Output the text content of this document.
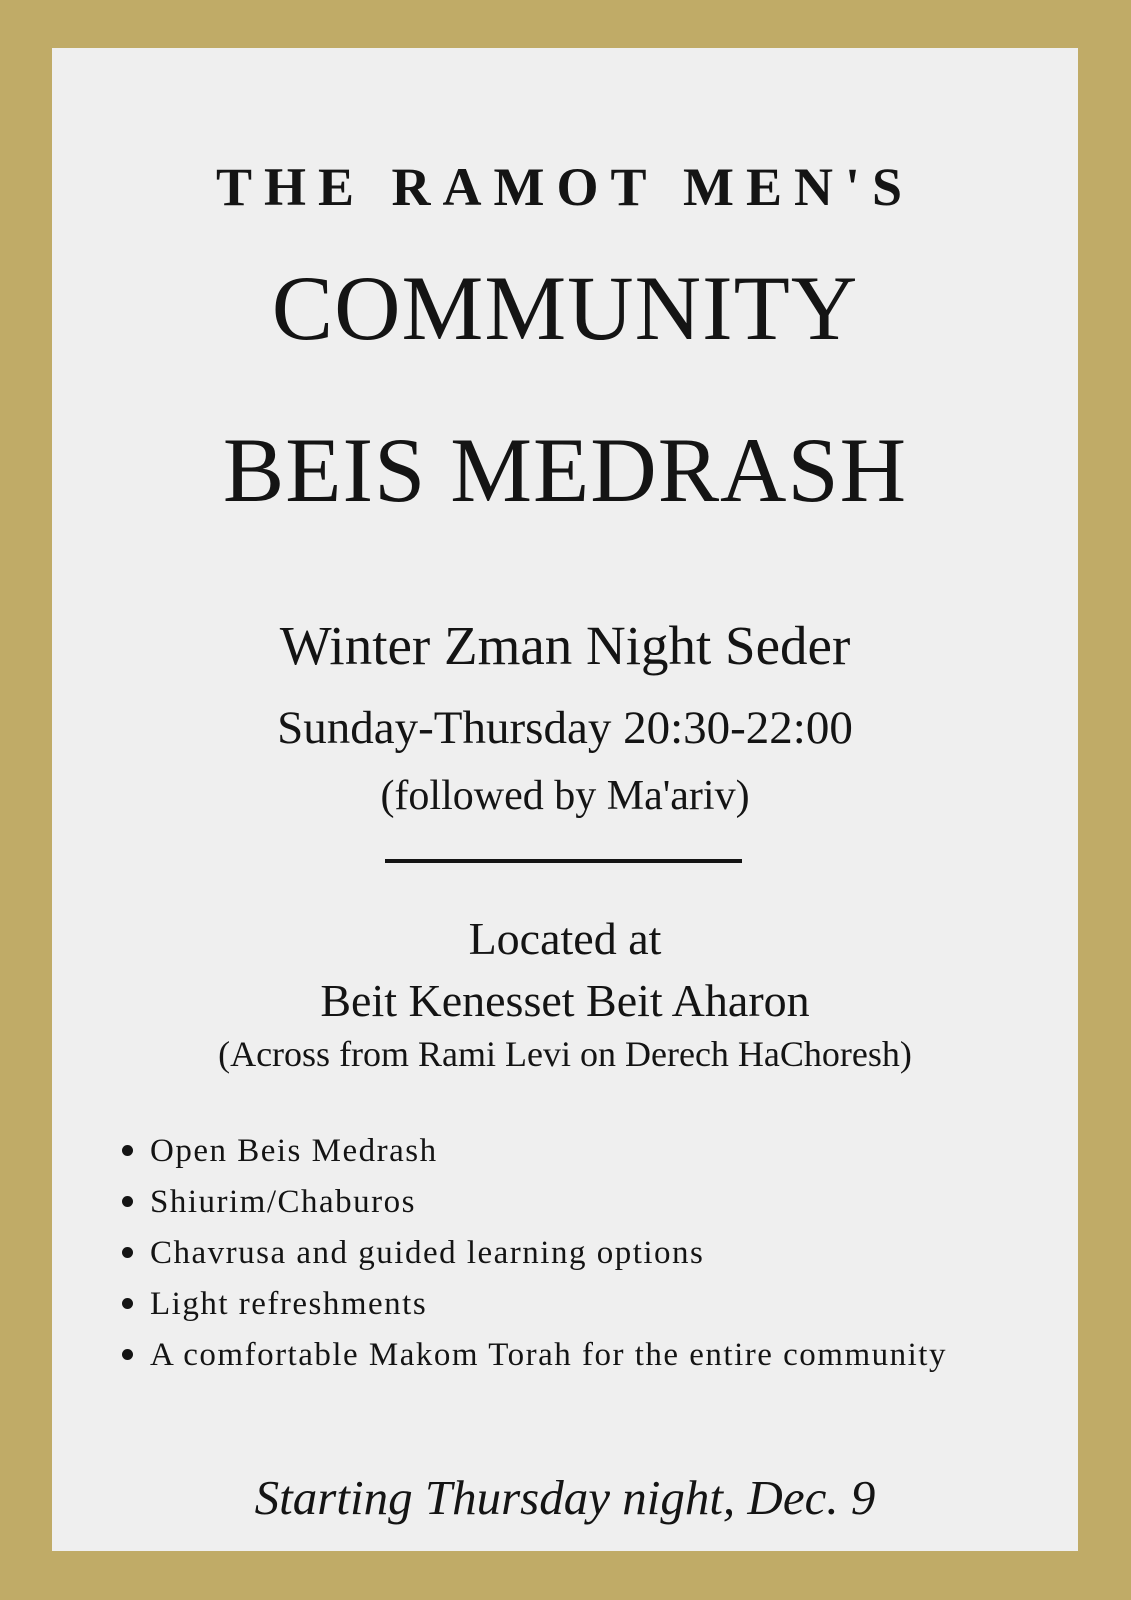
THE RAMOT MEN'S
COMMUNITY
BEIS MEDRASH
Winter Zman Night Seder
Sunday-Thursday 20:30-22:00
(followed by Ma'ariv)
Located at
Beit Kenesset Beit Aharon
(Across from Rami Levi on Derech HaChoresh)
Open Beis Medrash
Shiurim/Chaburos
Chavrusa and guided learning options
Light refreshments
A comfortable Makom Torah for the entire community
Starting Thursday night, Dec. 9
